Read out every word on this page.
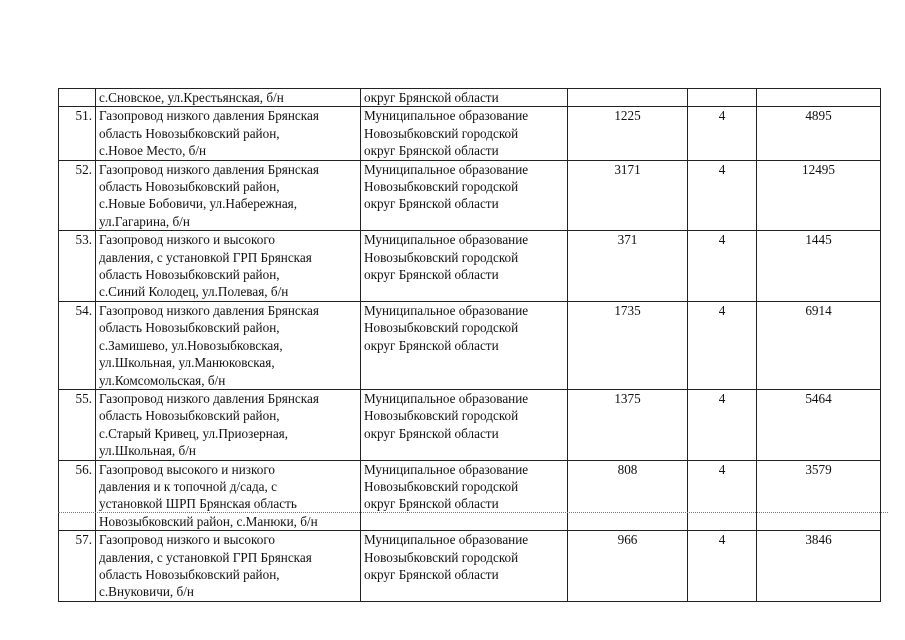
	с.Сновское, ул.Крестьянская, б/н	округ Брянской области			

51.	Газопровод низкого давления Брянская
область Новозыбковский район,
с.Новое Место, б/н	Муниципальное образование
Новозыбковский городской
округ Брянской области	1225	4	4895
52.	Газопровод низкого давления Брянская
область Новозыбковский район,
с.Новые Бобовичи, ул.Набережная,
ул.Гагарина, б/н	Муниципальное образование
Новозыбковский городской
округ Брянской области	3171	4	12495
53.	Газопровод низкого и высокого
давления, с установкой ГРП Брянская
область Новозыбковский район,
с.Синий Колодец, ул.Полевая, б/н	Муниципальное образование
Новозыбковский городской
округ Брянской области	371	4	1445
54.	Газопровод низкого давления Брянская
область Новозыбковский район,
с.Замишево, ул.Новозыбковская,
ул.Школьная, ул.Манюковская,
ул.Комсомольская, б/н	Муниципальное образование
Новозыбковский городской
округ Брянской области	1735	4	6914
55.	Газопровод низкого давления Брянская
область Новозыбковский район,
с.Старый Кривец, ул.Приозерная,
ул.Школьная, б/н	Муниципальное образование
Новозыбковский городской
округ Брянской области	1375	4	5464
56.	Газопровод высокого и низкого
давления и к топочной д/сада, с
установкой ШРП Брянская область
Новозыбковский район, с.Манюки, б/н	Муниципальное образование
Новозыбковский городской
округ Брянской области	808	4	3579
57.	Газопровод низкого и высокого
давления, с установкой ГРП Брянская
область Новозыбковский район,
с.Внуковичи, б/н	Муниципальное образование
Новозыбковский городской
округ Брянской области	966	4	3846
